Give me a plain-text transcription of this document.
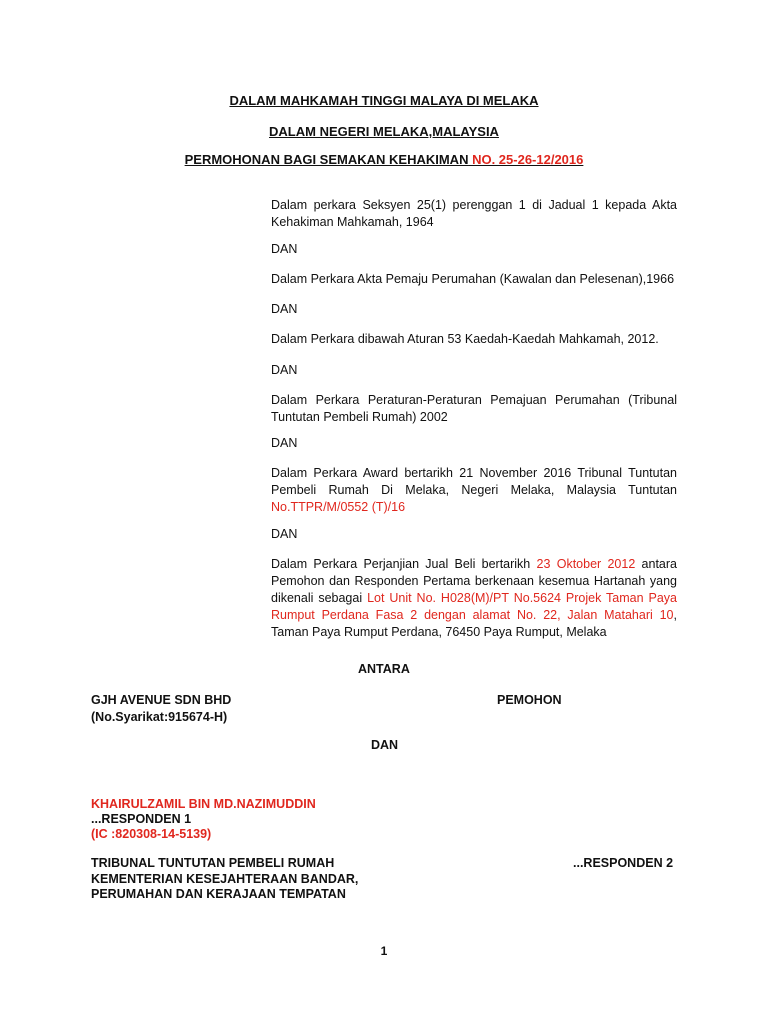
DALAM MAHKAMAH TINGGI MALAYA DI MELAKA
DALAM NEGERI MELAKA,MALAYSIA
PERMOHONAN BAGI SEMAKAN KEHAKIMAN NO. 25-26-12/2016
Dalam perkara Seksyen 25(1) perenggan 1 di Jadual 1 kepada Akta Kehakiman Mahkamah, 1964
DAN
Dalam Perkara Akta Pemaju Perumahan (Kawalan dan Pelesenan),1966
DAN
Dalam Perkara dibawah Aturan 53 Kaedah-Kaedah Mahkamah, 2012.
DAN
Dalam Perkara Peraturan-Peraturan Pemajuan Perumahan (Tribunal Tuntutan Pembeli Rumah) 2002
DAN
Dalam Perkara Award bertarikh 21 November 2016 Tribunal Tuntutan Pembeli Rumah Di Melaka, Negeri Melaka, Malaysia Tuntutan No.TTPR/M/0552 (T)/16
DAN
Dalam Perkara Perjanjian Jual Beli bertarikh 23 Oktober 2012 antara Pemohon dan Responden Pertama berkenaan kesemua Hartanah yang dikenali sebagai Lot Unit No. H028(M)/PT No.5624 Projek Taman Paya Rumput Perdana Fasa 2 dengan alamat No. 22, Jalan Matahari 10, Taman Paya Rumput Perdana, 76450 Paya Rumput, Melaka
ANTARA
GJH AVENUE SDN BHD
(No.Syarikat:915674-H)
PEMOHON
DAN
KHAIRULZAMIL BIN MD.NAZIMUDDIN
...RESPONDEN 1
(IC :820308-14-5139)
TRIBUNAL TUNTUTAN PEMBELI RUMAH
KEMENTERIAN KESEJAHTERAAN BANDAR,
PERUMAHAN DAN KERAJAAN TEMPATAN
...RESPONDEN 2
1
